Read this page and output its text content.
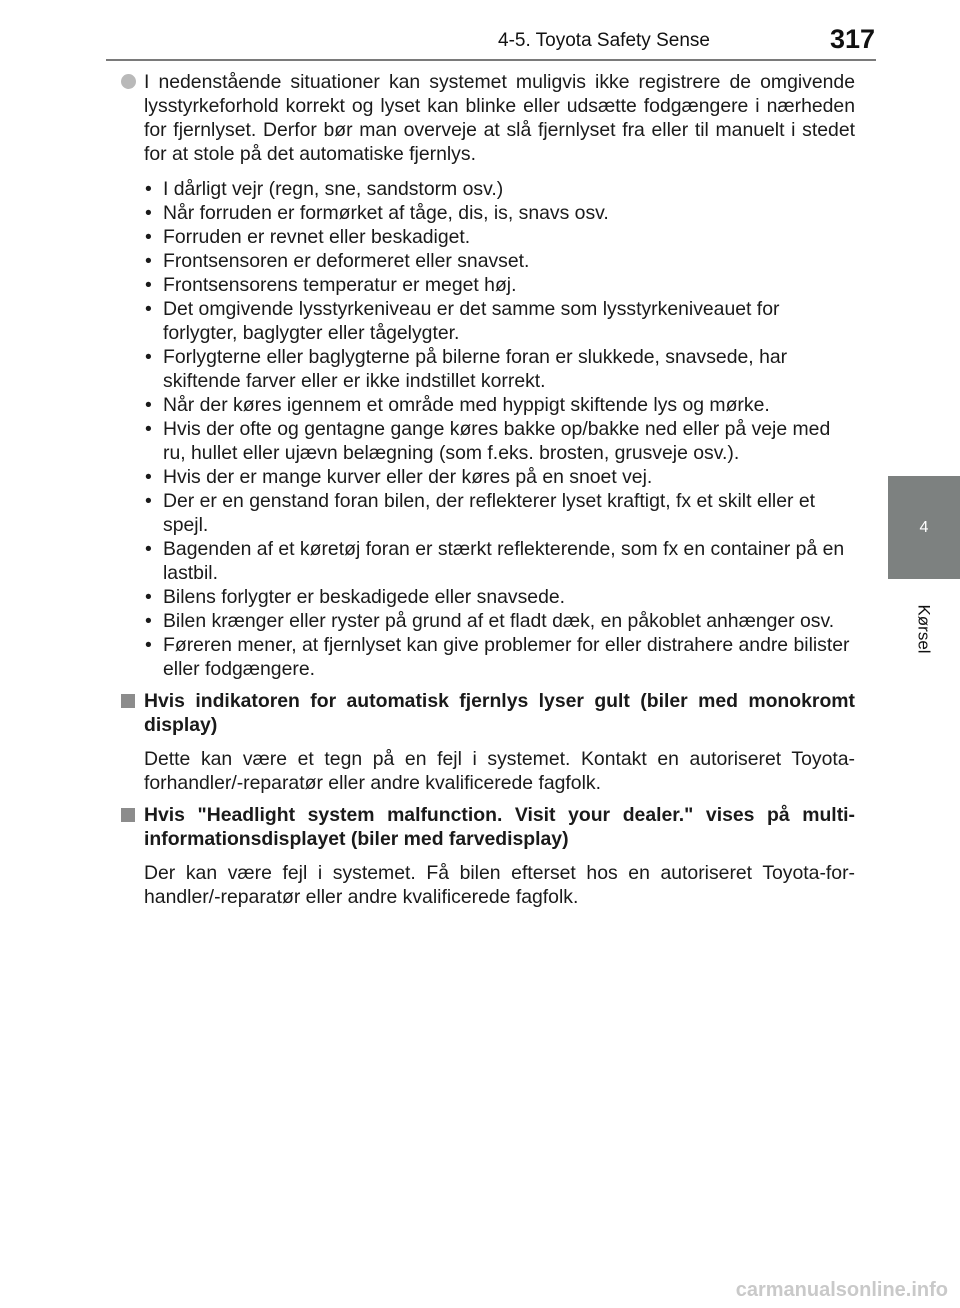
4-5. Toyota Safety Sense	317
4
Kørsel

I nedenstående situationer kan systemet muligvis ikke registrere de omgivende lysstyrkeforhold korrekt og lyset kan blinke eller udsætte fodgængere i nærheden for fjernlyset. Derfor bør man overveje at slå fjernlyset fra eller til manuelt i stedet for at stole på det automatiske fjernlys.

• I dårligt vejr (regn, sne, sandstorm osv.)
• Når forruden er formørket af tåge, dis, is, snavs osv.
• Forruden er revnet eller beskadiget.
• Frontsensoren er deformeret eller snavset.
• Frontsensorens temperatur er meget høj.
• Det omgivende lysstyrkeniveau er det samme som lysstyrkeniveauet for forlygter, baglygter eller tågelygter.
• Forlygterne eller baglygterne på bilerne foran er slukkede, snavsede, har skiftende farver eller er ikke indstillet korrekt.
• Når der køres igennem et område med hyppigt skiftende lys og mørke.
• Hvis der ofte og gentagne gange køres bakke op/bakke ned eller på veje med ru, hullet eller ujævn belægning (som f.eks. brosten, grusveje osv.).
• Hvis der er mange kurver eller der køres på en snoet vej.
• Der er en genstand foran bilen, der reflekterer lyset kraftigt, fx et skilt eller et spejl.
• Bagenden af et køretøj foran er stærkt reflekterende, som fx en container på en lastbil.
• Bilens forlygter er beskadigede eller snavsede.
• Bilen krænger eller ryster på grund af et fladt dæk, en påkoblet anhænger osv.
• Føreren mener, at fjernlyset kan give problemer for eller distrahere andre bilister eller fodgængere.

Hvis indikatoren for automatisk fjernlys lyser gult (biler med monokromt display)

Dette kan være et tegn på en fejl i systemet. Kontakt en autoriseret Toyota-forhandler/-reparatør eller andre kvalificerede fagfolk.

Hvis "Headlight system malfunction. Visit your dealer." vises på multi-informationsdisplayet (biler med farvedisplay)

Der kan være fejl i systemet. Få bilen efterset hos en autoriseret Toyota-for-handler/-reparatør eller andre kvalificerede fagfolk.

carmanualsonline.info
